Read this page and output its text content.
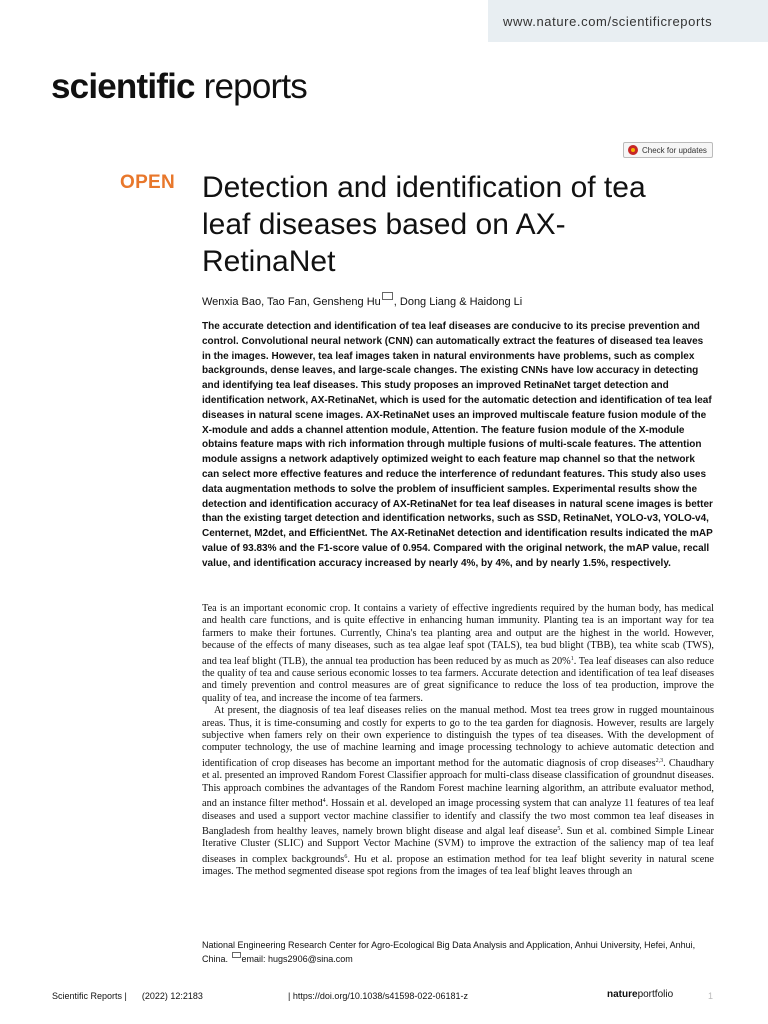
www.nature.com/scientificreports
scientific reports
Check for updates
OPEN Detection and identification of tea leaf diseases based on AX-RetinaNet
Wenxia Bao, Tao Fan, Gensheng Hu , Dong Liang & Haidong Li
The accurate detection and identification of tea leaf diseases are conducive to its precise prevention and control. Convolutional neural network (CNN) can automatically extract the features of diseased tea leaves in the images. However, tea leaf images taken in natural environments have problems, such as complex backgrounds, dense leaves, and large-scale changes. The existing CNNs have low accuracy in detecting and identifying tea leaf diseases. This study proposes an improved RetinaNet target detection and identification network, AX-RetinaNet, which is used for the automatic detection and identification of tea leaf diseases in natural scene images. AX-RetinaNet uses an improved multiscale feature fusion module of the X-module and adds a channel attention module, Attention. The feature fusion module of the X-module obtains feature maps with rich information through multiple fusions of multi-scale features. The attention module assigns a network adaptively optimized weight to each feature map channel so that the network can select more effective features and reduce the interference of redundant features. This study also uses data augmentation methods to solve the problem of insufficient samples. Experimental results show the detection and identification accuracy of AX-RetinaNet for tea leaf diseases in natural scene images is better than the existing target detection and identification networks, such as SSD, RetinaNet, YOLO-v3, YOLO-v4, Centernet, M2det, and EfficientNet. The AX-RetinaNet detection and identification results indicated the mAP value of 93.83% and the F1-score value of 0.954. Compared with the original network, the mAP value, recall value, and identification accuracy increased by nearly 4%, by 4%, and by nearly 1.5%, respectively.

Tea is an important economic crop. It contains a variety of effective ingredients required by the human body, has medical and health care functions, and is quite effective in enhancing human immunity. Planting tea is an important way for tea farmers to make their fortunes. Currently, China's tea planting area and output are the highest in the world. However, because of the effects of many diseases, such as tea algae leaf spot (TALS), tea bud blight (TBB), tea white scab (TWS), and tea leaf blight (TLB), the annual tea production has been reduced by as much as 20%$^1$. Tea leaf diseases can also reduce the quality of tea and cause serious economic losses to tea farmers. Accurate detection and identification of tea leaf diseases and timely prevention and control measures are of great significance to reduce the loss of tea production, improve the quality of tea, and increase the income of tea farmers.

At present, the diagnosis of tea leaf diseases relies on the manual method. Most tea trees grow in rugged mountainous areas. Thus, it is time-consuming and costly for experts to go to the tea garden for diagnosis. However, results are largely subjective when famers rely on their own experience to distinguish the types of tea diseases. With the development of computer technology, the use of machine learning and image processing technology to achieve automatic detection and identification of crop diseases has become an important method for the automatic diagnosis of crop diseases$^{2,3}$. Chaudhary et al. presented an improved Random Forest Classifier approach for multi-class disease classification of groundnut diseases. This approach combines the advantages of the Random Forest machine learning algorithm, an attribute evaluator method, and an instance filter method$^4$. Hossain et al. developed an image processing system that can analyze 11 features of tea leaf diseases and used a support vector machine classifier to identify and classify the two most common tea leaf diseases in Bangladesh from healthy leaves, namely brown blight disease and algal leaf disease$^5$. Sun et al. combined Simple Linear Iterative Cluster (SLIC) and Support Vector Machine (SVM) to improve the extraction of the saliency map of tea leaf diseases in complex backgrounds$^6$. Hu et al. propose an estimation method for tea leaf blight severity in natural scene images. The method segmented disease spot regions from the images of tea leaf blight leaves through an

National Engineering Research Center for Agro-Ecological Big Data Analysis and Application, Anhui University, Hefei, Anhui, China. email: hugs2906@sina.com
Scientific Reports | (2022) 12:2183	| https://doi.org/10.1038/s41598-022-06181-z	natureportfolio	1
